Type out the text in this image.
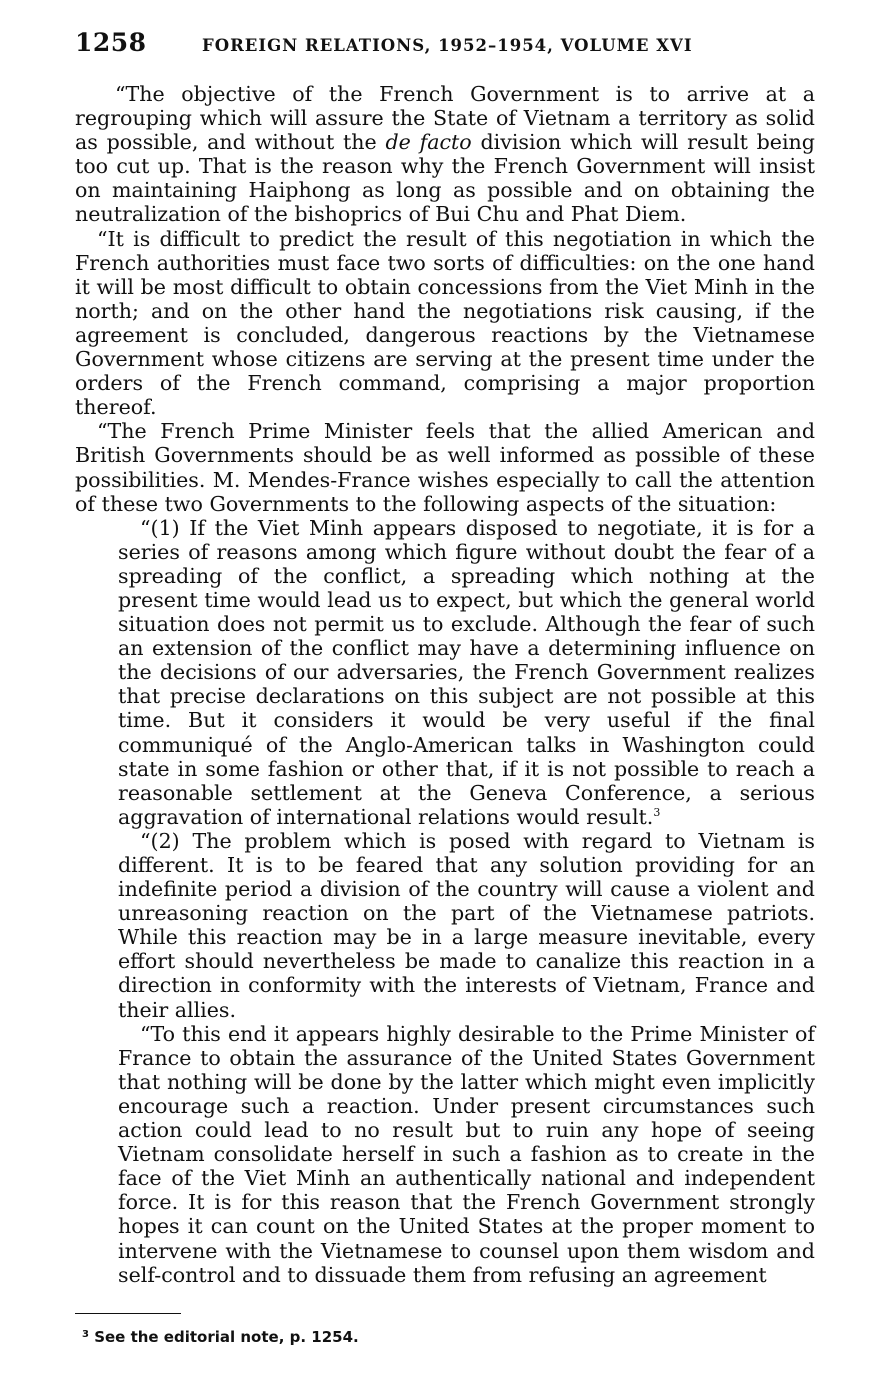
1258	FOREIGN RELATIONS, 1952–1954, VOLUME XVI

“The objective of the French Government is to arrive at a regrouping which will assure the State of Vietnam a territory as solid as possible, and without the de facto division which will result being too cut up. That is the reason why the French Government will insist on maintaining Haiphong as long as possible and on obtaining the neutralization of the bishoprics of Bui Chu and Phat Diem.

“It is difficult to predict the result of this negotiation in which the French authorities must face two sorts of difficulties: on the one hand it will be most difficult to obtain concessions from the Viet Minh in the north; and on the other hand the negotiations risk causing, if the agreement is concluded, dangerous reactions by the Vietnamese Government whose citizens are serving at the present time under the orders of the French command, comprising a major proportion thereof.

“The French Prime Minister feels that the allied American and British Governments should be as well informed as possible of these possibilities. M. Mendes-France wishes especially to call the attention of these two Governments to the following aspects of the situation:

“(1) If the Viet Minh appears disposed to negotiate, it is for a series of reasons among which figure without doubt the fear of a spreading of the conflict, a spreading which nothing at the present time would lead us to expect, but which the general world situation does not permit us to exclude. Although the fear of such an extension of the conflict may have a determining influence on the decisions of our adversaries, the French Government realizes that precise declarations on this subject are not possible at this time. But it considers it would be very useful if the final communiqué of the Anglo-American talks in Washington could state in some fashion or other that, if it is not possible to reach a reasonable settlement at the Geneva Conference, a serious aggravation of international relations would result.$^3$

“(2) The problem which is posed with regard to Vietnam is different. It is to be feared that any solution providing for an indefinite period a division of the country will cause a violent and unreasoning reaction on the part of the Vietnamese patriots. While this reaction may be in a large measure inevitable, every effort should nevertheless be made to canalize this reaction in a direction in conformity with the interests of Vietnam, France and their allies.

“To this end it appears highly desirable to the Prime Minister of France to obtain the assurance of the United States Government that nothing will be done by the latter which might even implicitly encourage such a reaction. Under present circumstances such action could lead to no result but to ruin any hope of seeing Vietnam consolidate herself in such a fashion as to create in the face of the Viet Minh an authentically national and independent force. It is for this reason that the French Government strongly hopes it can count on the United States at the proper moment to intervene with the Vietnamese to counsel upon them wisdom and self-control and to dissuade them from refusing an agreement

$^3$ See the editorial note, p. 1254.
